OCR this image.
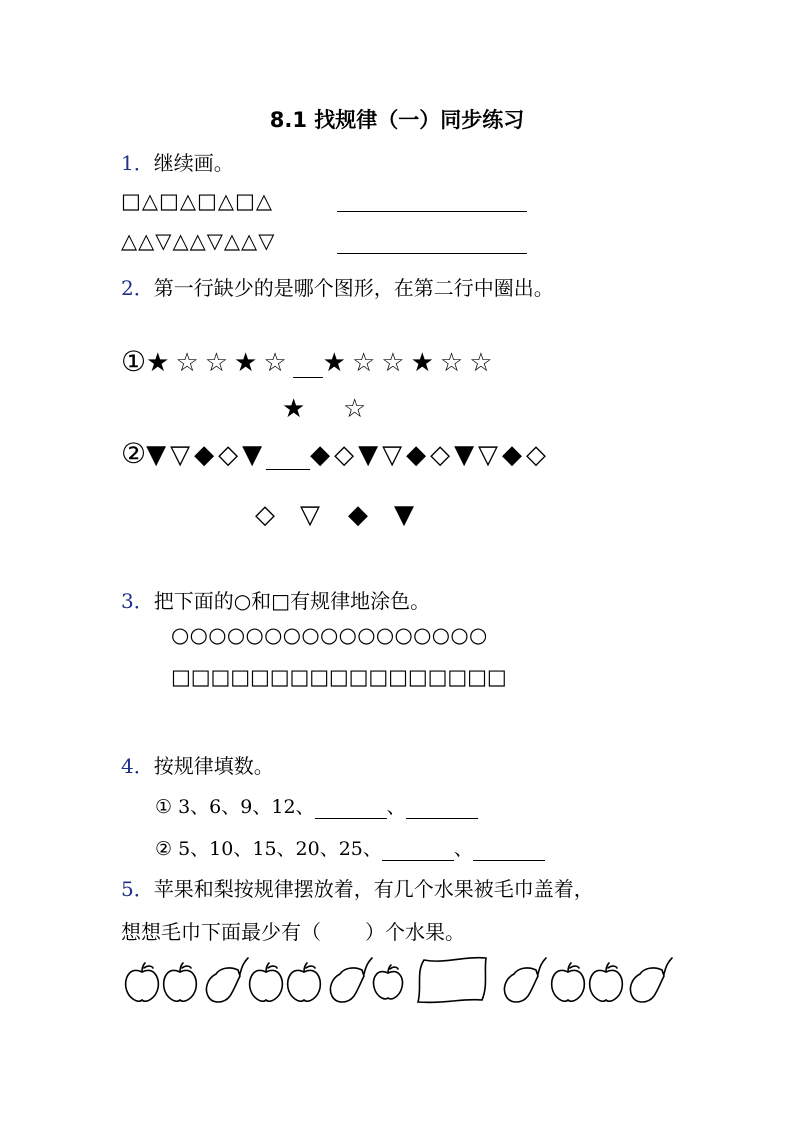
8.1 找规律（一）同步练习
1．继续画。
□△□△□△□△
△△▽△△▽△△▽
2．第一行缺少的是哪个图形，在第二行中圈出。
①★☆☆★☆ ★☆☆★☆☆
★ ☆
②▼▽◆◇▼ ◆◇▼▽◆◇▼▽◆◇
◇ ▽ ◆ ▼
3．把下面的○和□有规律地涂色。
○○○○○○○○○○○○○○○○○
□□□□□□□□□□□□□□□□□
4．按规律填数。
① 3、6、9、12、	、
② 5、10、15、20、25、	、
5．苹果和梨按规律摆放着，有几个水果被毛巾盖着，
想想毛巾下面最少有（ ）个水果。
